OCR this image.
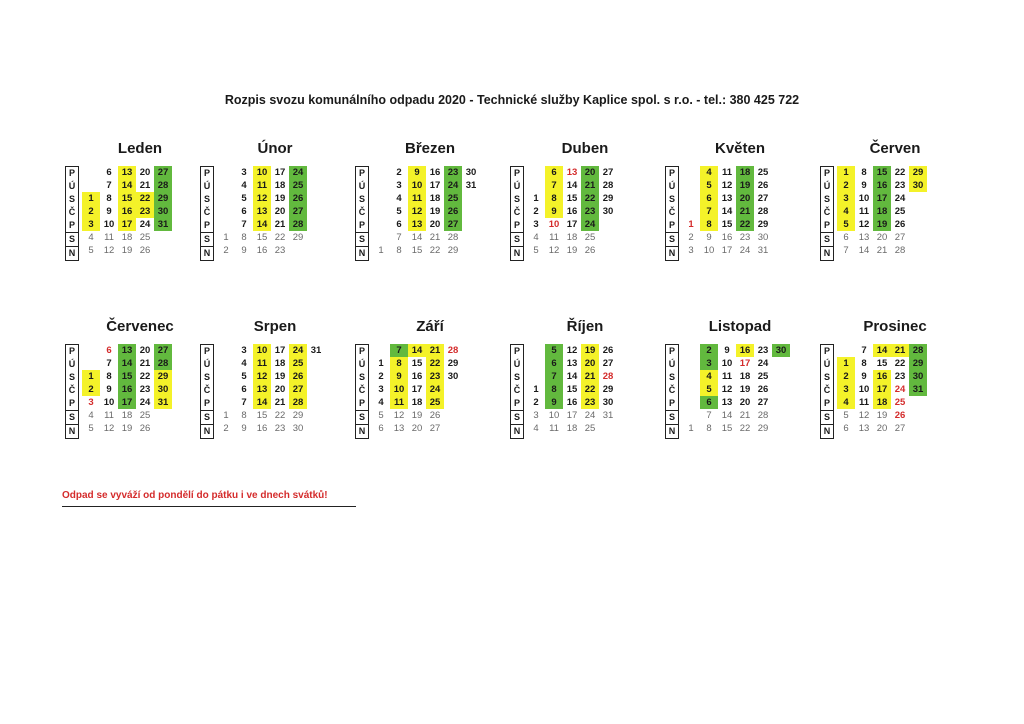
Rozpis svozu komunálního odpadu 2020 - Technické služby Kaplice spol. s r.o. - tel.: 380 425 722
Leden
P
Ú
S
Č
P
S
N
1
2
3
4
5
6
7
8
9
10
11
12
13
14
15
16
17
18
19
20
21
22
23
24
25
26
27
28
29
30
31
Únor
P
Ú
S
Č
P
S
N
1
2
3
4
5
6
7
8
9
10
11
12
13
14
15
16
17
18
19
20
21
22
23
24
25
26
27
28
29
Březen
P
Ú
S
Č
P
S
N	1
2
3
4
5
6
7
8
9
10
11
12
13
14
15
16
17
18
19
20
21
22
23
24
25
26
27
28
29
30
31
Duben
P
Ú
S
Č
P
S
N
1
2
3
4
5
6
7
8
9
10
11
12
13
14
15
16
17
18
19
20
21
22
23
24
25
26
27
28
29
30
Květen
P
Ú
S
Č
P
S
N
1
2
3
4
5
6
7
8
9
10
11
12
13
14
15
16
17
18
19
20
21
22
23
24
25
26
27
28
29
30
31
Červen
P
Ú
S
Č
P
S
N
1
2
3
4
5
6
7
8
9
10
11
12
13
14
15
16
17
18
19
20
21
22
23
24
25
26
27
28
29
30
Červenec
P
Ú
S
Č
P
S
N
1
2
3
4
5
6
7
8
9
10
11
12
13
14
15
16
17
18
19
20
21
22
23
24
25
26
27
28
29
30
31
Srpen
P
Ú
S
Č
P
S
N
1
2
3
4
5
6
7
8
9
10
11
12
13
14
15
16
17
18
19
20
21
22
23
24
25
26
27
28
29
30
31
Září
P
Ú
S
Č
P
S
N
1
2
3
4
5
6
7
8
9
10
11
12
13
14
15
16
17
18
19
20
21
22
23
24
25
26
27
28
29
30
Říjen
P
Ú
S
Č
P
S
N
1
2
3
4
5
6
7
8
9
10
11
12
13
14
15
16
17
18
19
20
21
22
23
24
25
26
27
28
29
30
31
Listopad
P
Ú
S
Č
P
S
N	1
2
3
4
5
6
7
8
9
10
11
12
13
14
15
16
17
18
19
20
21
22
23
24
25
26
27
28
29
30
Prosinec
P
Ú
S
Č
P
S
N
1
2
3
4
5
6
7
8
9
10
11
12
13
14
15
16
17
18
19
20
21
22
23
24
25
26
27
28
29
30
31
Odpad se vyváží od pondělí do pátku i ve dnech svátků!
